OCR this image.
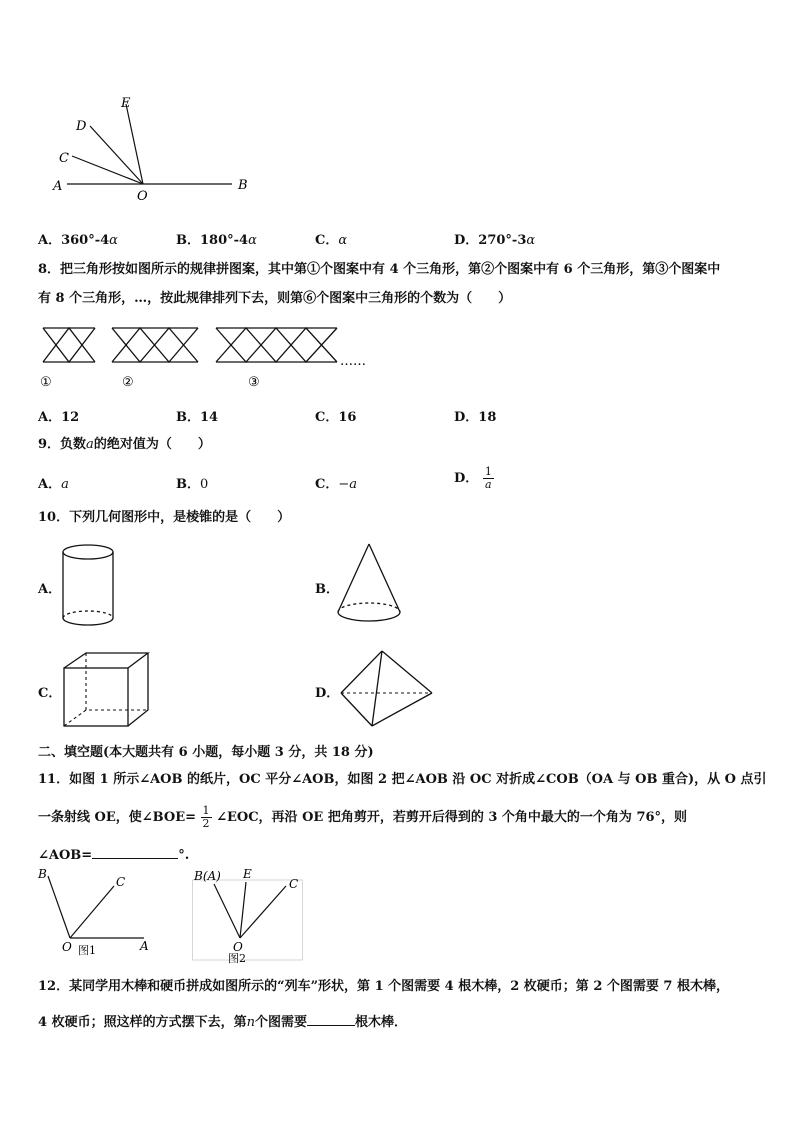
A	B
C
D
E
O
A．360°-4α	B．180°-4α	C．α	D．270°-3α
8．把三角形按如图所示的规律拼图案，其中第①个图案中有 4 个三角形，第②个图案中有 6 个三角形，第③个图案中
有 8 个三角形，…，按此规律排列下去，则第⑥个图案中三角形的个数为（　　）
……
①	②	③
A．12	B．14	C．16	D．18
9．负数a的绝对值为（　　）
A．a	B．0	C．−a	D． $\frac{1}{a}$
10．下列几何图形中，是棱锥的是（　　）
A．	B．
C．	D．
二、填空题(本大题共有 6 小题，每小题 3 分，共 18 分)
11．如图 1 所示∠AOB 的纸片，OC 平分∠AOB，如图 2 把∠AOB 沿 OC 对折成∠COB（OA 与 OB 重合)，从 O 点引
一条射线 OE，使∠BOE= $\frac{1}{2}$ ∠EOC，再沿 OE 把角剪开，若剪开后得到的 3 个角中最大的一个角为 76°，则
∠AOB=	°.
B
C
O	A
图1
B(A) E
C
O
图2
12．某同学用木棒和硬币拼成如图所示的“列车”形状，第 1 个图需要 4 根木棒，2 枚硬币；第 2 个图需要 7 根木棒，
4 枚硬币；照这样的方式摆下去，第n个图需要	根木棒．
